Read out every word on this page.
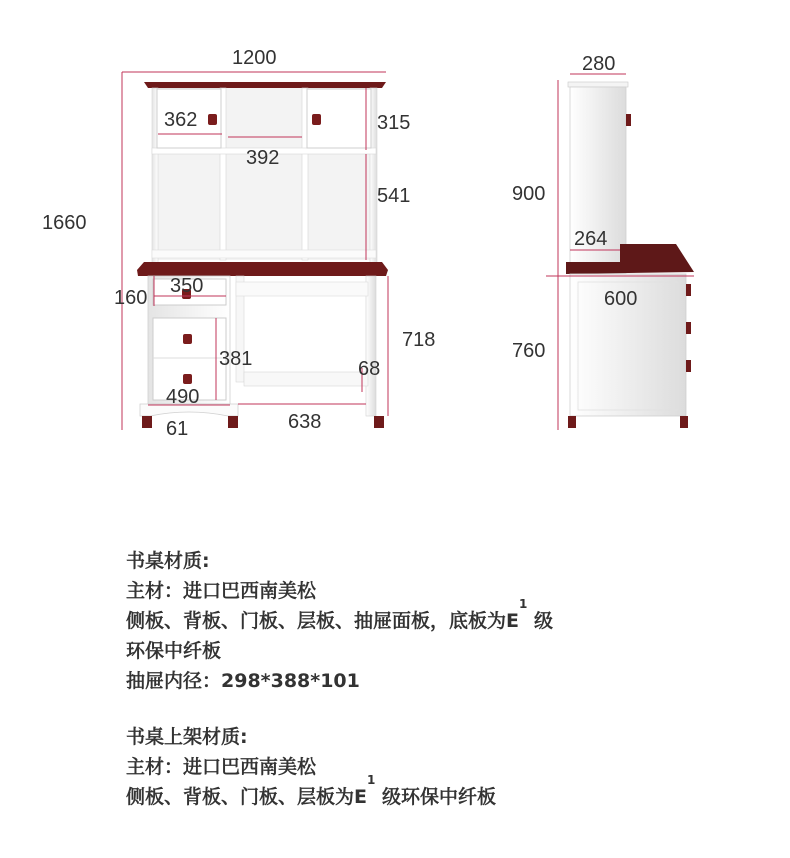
1200
1660
362	315
392
541
350
160
381
718
68
490
61	638
280
900
264
600
760
书桌材质:
主材：进口巴西南美松
侧板、背板、门板、层板、抽屉面板，底板为$E^1$ 级
环保中纤板
抽屉内径：298*388*101
书桌上架材质:
主材：进口巴西南美松
侧板、背板、门板、层板为$E^1$ 级环保中纤板
